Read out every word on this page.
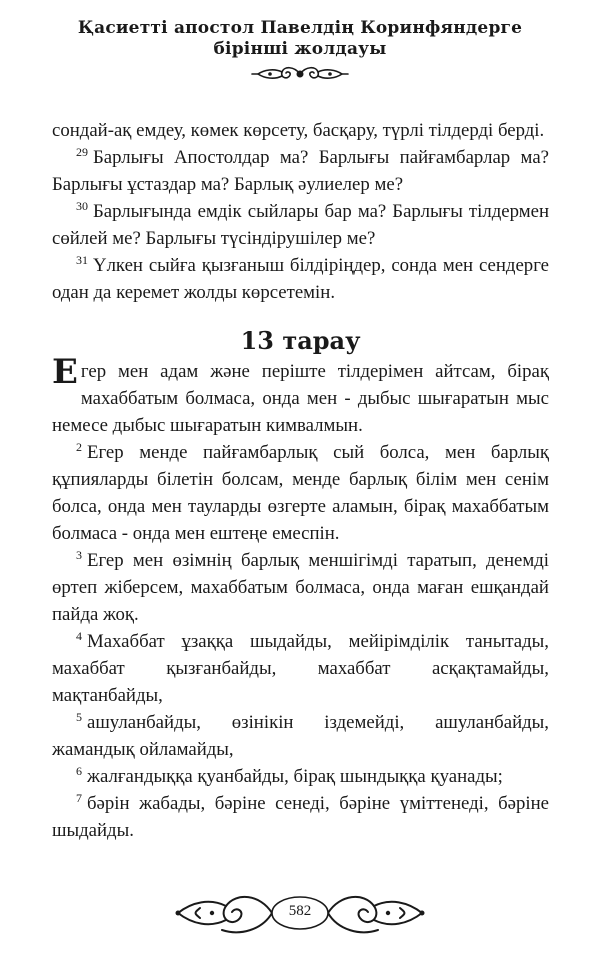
Қасиетті апостол Павелдің Коринфяндерге
бірінші жолдауы

сондай-ақ емдеу, көмек көрсету, басқару, түрлі тілдерді берді.

$^{29}$ Барлығы Апостолдар ма? Барлығы пайғамбарлар ма? Барлығы ұстаздар ма? Барлық әулиелер ме?

$^{30}$ Барлығында емдік сыйлары бар ма? Барлығы тілдермен сөйлей ме? Барлығы түсіндірушілер ме?

$^{31}$ Үлкен сыйға қызғаныш білдіріңдер, сонда мен сендерге одан да керемет жолды көрсетемін.

13 тарау

Егер мен адам және періште тілдерімен айтсам, бірақ махаббатым болмаса, онда мен - дыбыс шығаратын мыс немесе дыбыс шығаратын кимвалмын.

$^2$ Егер менде пайғамбарлық сый болса, мен барлық құпияларды білетін болсам, менде барлық білім мен сенім болса, онда мен тауларды өзгерте аламын, бірақ махаббатым болмаса - онда мен ештеңе емеспін.

$^3$ Егер мен өзімнің барлық меншігімді таратып, денемді өртеп жіберсем, махаббатым болмаса, онда маған ешқандай пайда жоқ.

$^4$ Махаббат ұзаққа шыдайды, мейірімділік танытады, махаббат қызғанбайды, махаббат асқақтамайды, мақтанбайды,

$^5$ ашуланбайды, өзінікін іздемейді, ашуланбайды, жамандық ойламайды,

$^6$ жалғандыққа қуанбайды, бірақ шындыққа қуанады;

$^7$ бәрін жабады, бәріне сенеді, бәріне үміттенеді, бәріне шыдайды.

582
